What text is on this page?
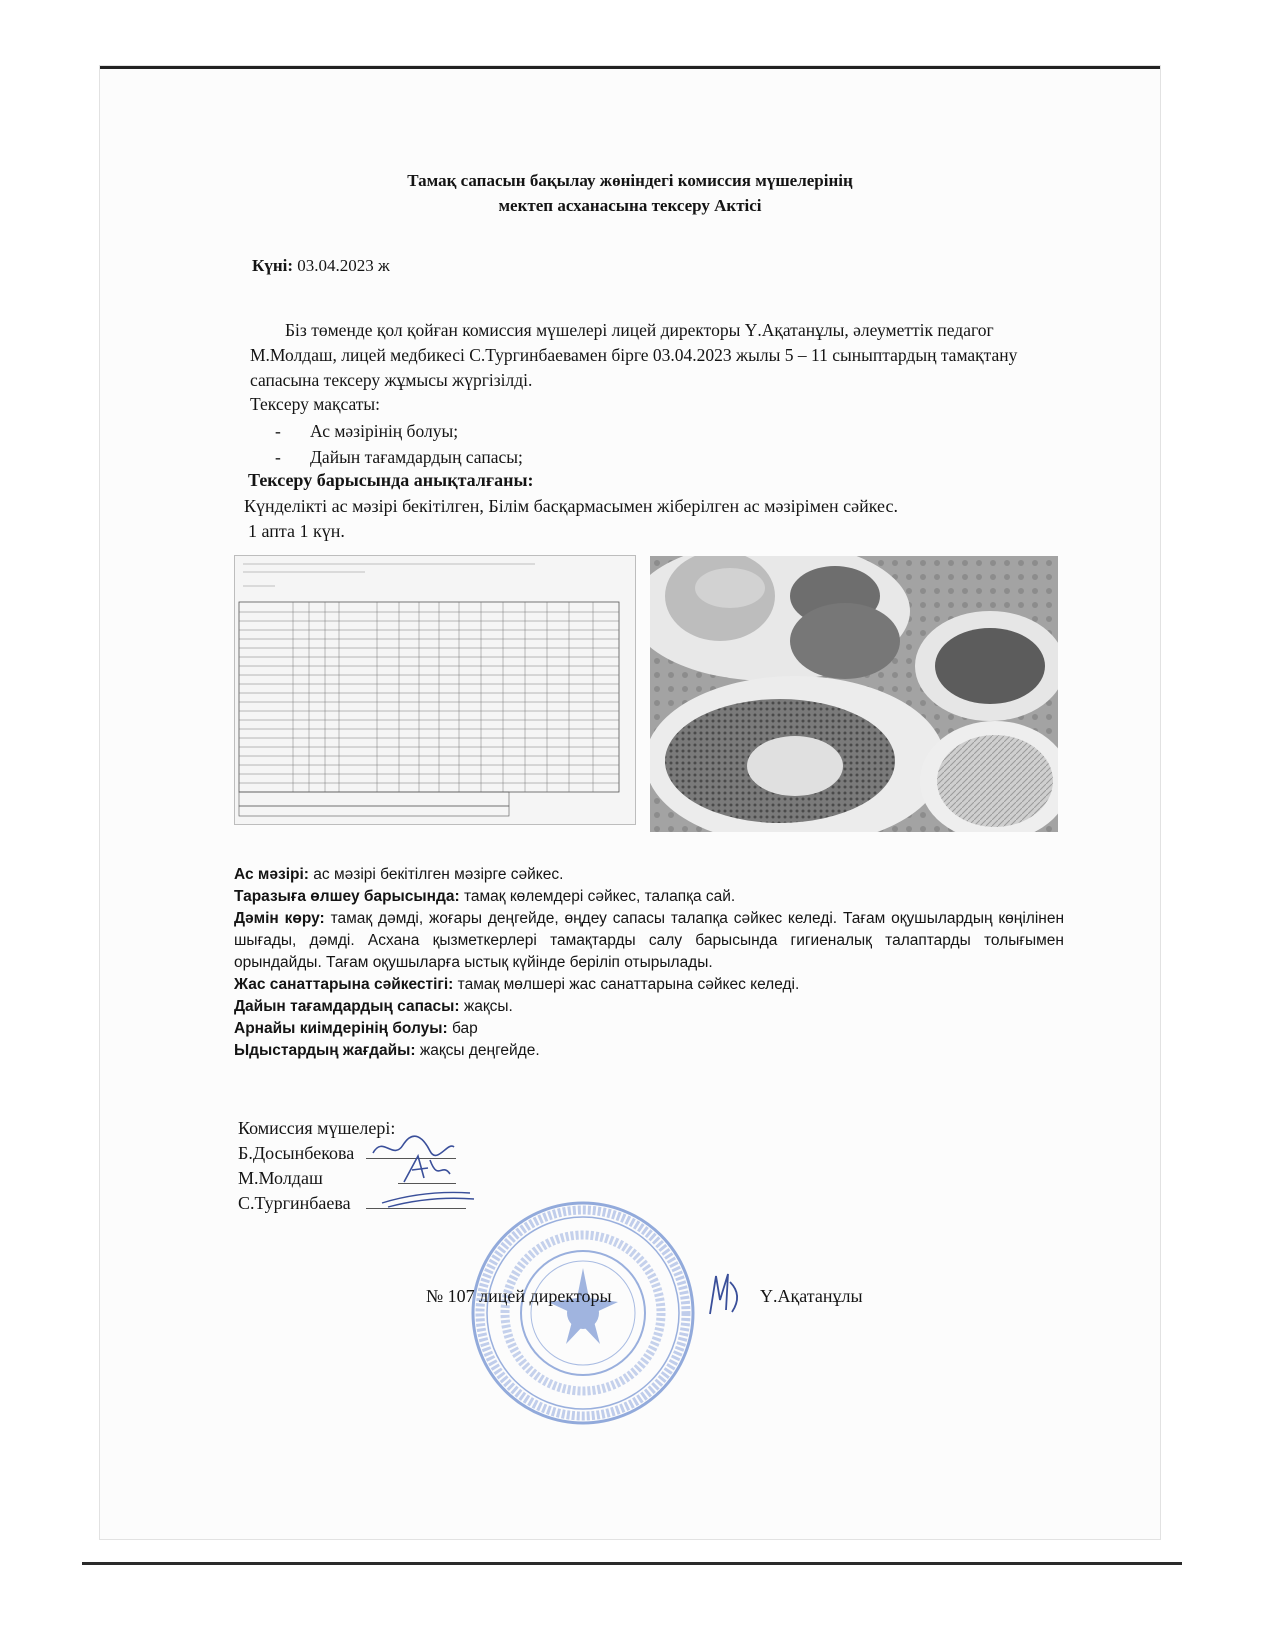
Тамақ сапасын бақылау жөніндегі комиссия мүшелерінің
мектеп асханасына тексеру Актісі
Күні: 03.04.2023 ж
Біз төменде қол қойған комиссия мүшелері лицей директоры Ү.Ақатанұлы, әлеуметтік педагог М.Молдаш, лицей медбикесі С.Тургинбаевамен бірге 03.04.2023 жылы 5 – 11 сыныптардың тамақтану сапасына тексеру жұмысы жүргізілді.
Тексеру мақсаты:
- Ас мәзірінің болуы;
- Дайын тағамдардың сапасы;
Тексеру барысында анықталғаны:
Күнделікті ас мәзірі бекітілген, Білім басқармасымен жіберілген ас мәзірімен сәйкес.
1 апта 1 күн.

Ас мәзірі: ас мәзірі бекітілген мәзірге сәйкес.

Таразыға өлшеу барысында: тамақ көлемдері сәйкес, талапқа сай.

Дәмін көру: тамақ дәмді, жоғары деңгейде, өңдеу сапасы талапқа сәйкес келеді. Тағам оқушылардың көңілінен шығады, дәмді. Асхана қызметкерлері тамақтарды салу барысында гигиеналық талаптарды толығымен орындайды. Тағам оқушыларға ыстық күйінде беріліп отырылады.

Жас санаттарына сәйкестігі: тамақ мөлшері жас санаттарына сәйкес келеді.

Дайын тағамдардың сапасы: жақсы.

Арнайы киімдерінің болуы: бар

Ыдыстардың жағдайы: жақсы деңгейде.

Комиссия мүшелері:
Б.Досынбекова
М.Молдаш
С.Тургинбаева
№ 107 лицей директоры	Ү.Ақатанұлы
